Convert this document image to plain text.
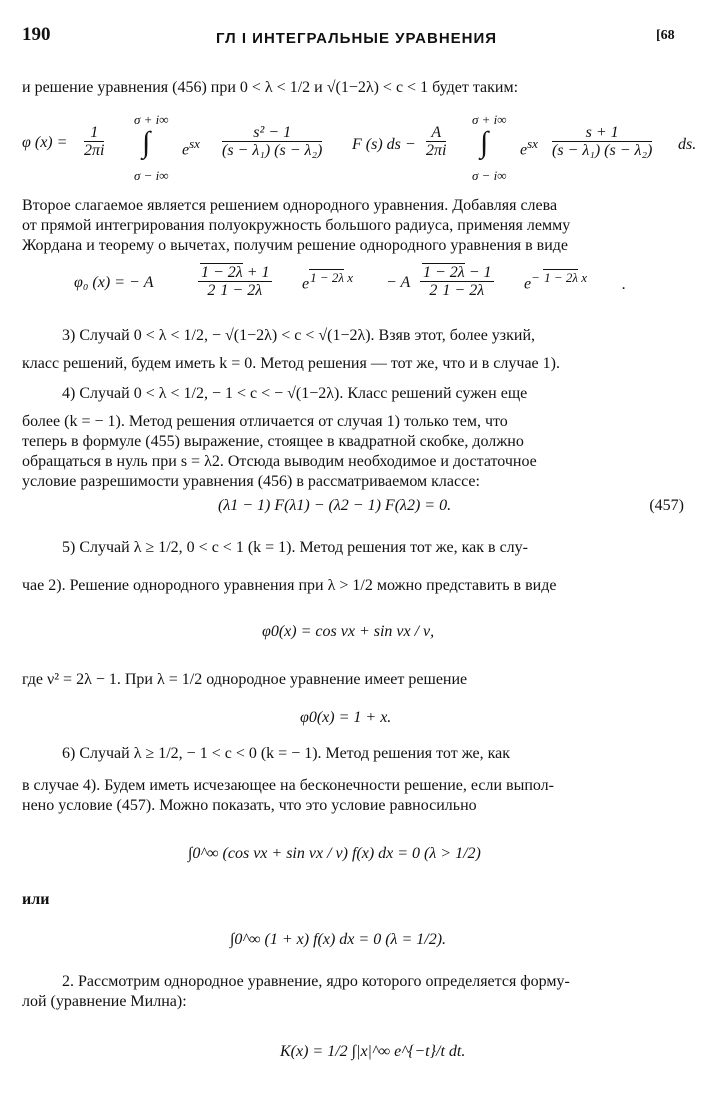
190	ГЛ I ИНТЕГРАЛЬНЫЕ УРАВНЕНИЯ	[68
и решение уравнения (456) при 0 < λ < 1/2 и √(1−2λ) < c < 1 будет таким:
φ $(x) = \frac{1}{2\pi i}$
σ + i∞
∫
σ − i∞
$e^{sx} \frac{\text{s² − 1}}{\text{(s − λ₁) (s − λ₂)}}$ F (s) ds − $\frac{A}{2\pi i}$
σ + i∞
∫
σ − i∞
$e^{sx} \frac{s + 1}{\text{(s − λ₁) (s − λ₂)}}$ ds.
Второе слагаемое является решением однородного уравнения. Добавляя слева
от прямой интегрирования полуокружность большого радиуса, применяя лемму
Жордана и теорему о вычетах, получим решение однородного уравнения в виде
φ₀ (x) = − A	$\frac{1 - 2\lambda + 1}{2 1 - 2\lambda} e^{1 - 2\lambda x} - A \frac{1 - 2\lambda - 1}{2 1 - 2\lambda} e^{- 1 - 2\lambda x}$ .
3) Случай 0 < λ < 1/2, − √(1−2λ) < c < √(1−2λ). Взяв этот, более узкий,
класс решений, будем иметь k = 0. Метод решения — тот же, что и в случае 1).
4) Случай 0 < λ < 1/2, − 1 < c < − √(1−2λ). Класс решений сужен еще
более (k = − 1). Метод решения отличается от случая 1) только тем, что
теперь в формуле (455) выражение, стоящее в квадратной скобке, должно
обращаться в нуль при s = λ2. Отсюда выводим необходимое и достаточное
условие разрешимости уравнения (456) в рассматриваемом классе:
(λ1 − 1) F(λ1) − (λ2 − 1) F(λ2) = 0.	(457)
5) Случай λ ≥ 1/2, 0 < c < 1 (k = 1). Метод решения тот же, как в слу-
чае 2). Решение однородного уравнения при λ > 1/2 можно представить в виде
φ0(x) = cos νx + sin νx / ν,
где ν² = 2λ − 1. При λ = 1/2 однородное уравнение имеет решение
φ0(x) = 1 + x.
6) Случай λ ≥ 1/2, − 1 < c < 0 (k = − 1). Метод решения тот же, как
в случае 4). Будем иметь исчезающее на бесконечности решение, если выпол-
нено условие (457). Можно показать, что это условие равносильно
∫0^∞ (cos νx + sin νx / ν) f(x) dx = 0 (λ > 1/2)
или
∫0^∞ (1 + x) f(x) dx = 0 (λ = 1/2).
2. Рассмотрим однородное уравнение, ядро которого определяется форму-
лой (уравнение Милна):
K(x) = 1/2 ∫|x|^∞ e^{−t}/t dt.
